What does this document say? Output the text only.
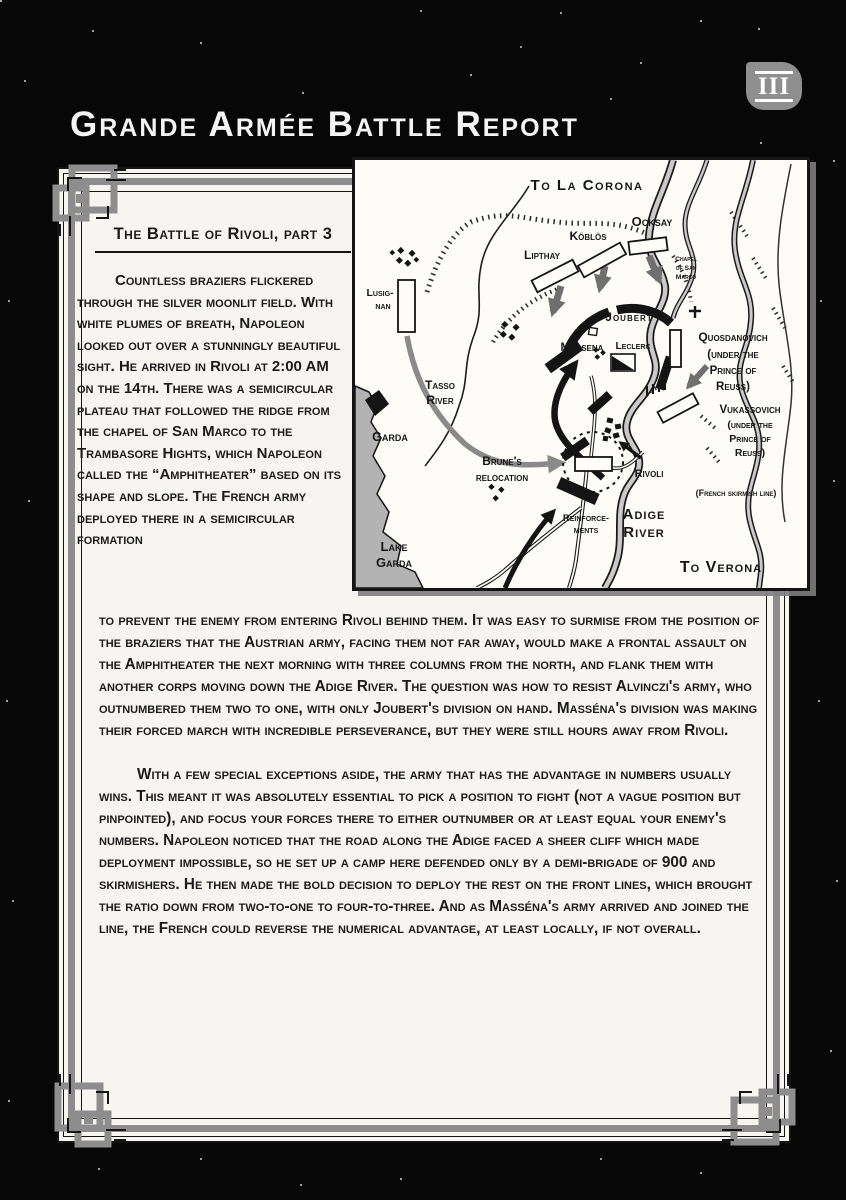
Grande Armée Battle Report
III
The Battle of Rivoli, part 3
Countless braziers flickered through the silver moonlit field. With white plumes of breath, Napoleon looked out over a stunningly beautiful sight. He arrived in Rivoli at 2:00 AM on the 14th. There was a semicircular plateau that followed the ridge from the chapel of San Marco to the Trambasore Hights, which Napoleon called the “Amphitheater” based on its shape and slope. The French army deployed there in a semicircular formation

to prevent the enemy from entering Rivoli behind them. It was easy to surmise from the position of the braziers that the Austrian army, facing them not far away, would make a frontal assault on the Amphitheater the next morning with three columns from the north, and flank them with another corps moving down the Adige River. The question was how to resist Alvinczi's army, who outnumbered them two to one, with only Joubert's division on hand. Masséna's division was making their forced march with incredible perseverance, but they were still hours away from Rivoli.

With a few special exceptions aside, the army that has the advantage in numbers usually wins. This meant it was absolutely essential to pick a position to fight (not a vague position but pinpointed), and focus your forces there to either outnumber or at least equal your enemy's numbers. Napoleon noticed that the road along the Adige faced a sheer cliff which made deployment impossible, so he set up a camp here defended only by a demi-brigade of 900 and skirmishers. He then made the bold decision to deploy the rest on the front lines, which brought the ratio down from two-to-one to four-to-three. And as Masséna's army arrived and joined the line, the French could reverse the numerical advantage, at least locally, if not overall.

To La Corona
Ocksay
Köblös
Lipthay
Lusig-
nan
Chapel
of San
Marco
Joubert
Massena Leclerc
Quosdanovich
(under the
Prince of
Reuss)
Vukassovich
(under the
Prince of
Reuss)
Tasso
River
Garda
Brune's
relocation	Rivoli
(French skirmish line)
Adige
River
Reinforce-
ments
Lake
Garda	To Verona
